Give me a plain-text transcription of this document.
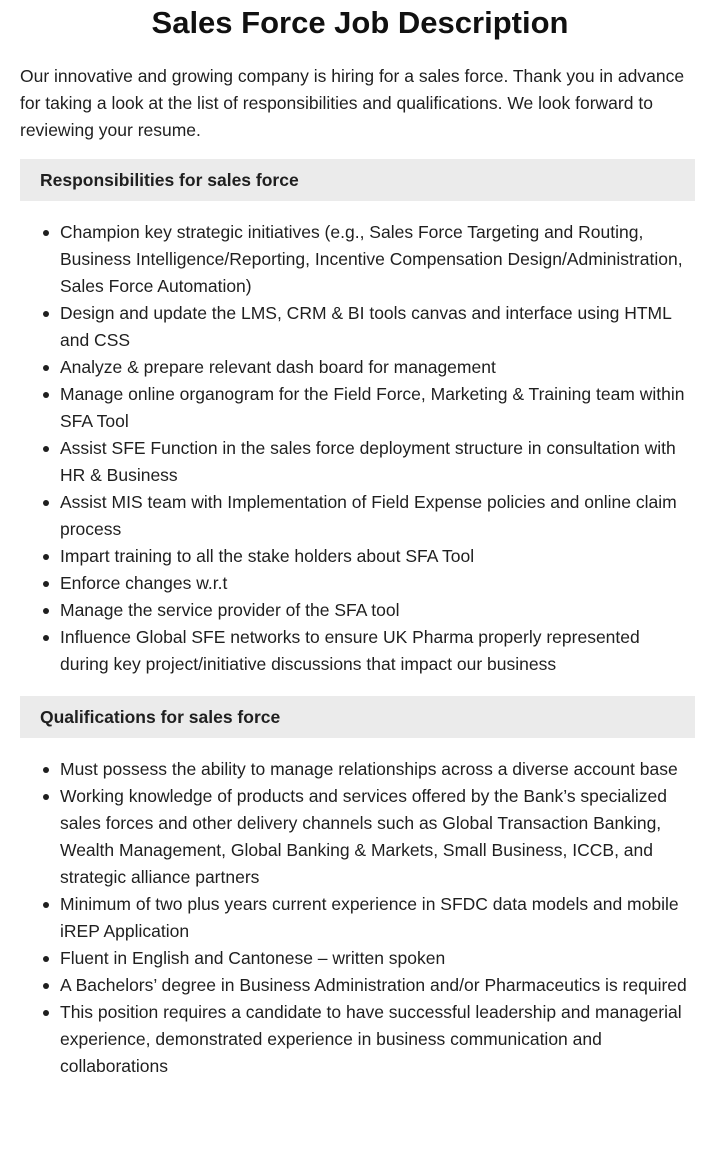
Sales Force Job Description

Our innovative and growing company is hiring for a sales force. Thank you in advance for taking a look at the list of responsibilities and qualifications. We look forward to reviewing your resume.

Responsibilities for sales force
Champion key strategic initiatives (e.g., Sales Force Targeting and Routing, Business Intelligence/Reporting, Incentive Compensation Design/Administration, Sales Force Automation)
Design and update the LMS, CRM & BI tools canvas and interface using HTML and CSS
Analyze & prepare relevant dash board for management
Manage online organogram for the Field Force, Marketing & Training team within SFA Tool
Assist SFE Function in the sales force deployment structure in consultation with HR & Business
Assist MIS team with Implementation of Field Expense policies and online claim process
Impart training to all the stake holders about SFA Tool
Enforce changes w.r.t
Manage the service provider of the SFA tool
Influence Global SFE networks to ensure UK Pharma properly represented during key project/initiative discussions that impact our business
Qualifications for sales force
Must possess the ability to manage relationships across a diverse account base
Working knowledge of products and services offered by the Bank’s specialized sales forces and other delivery channels such as Global Transaction Banking, Wealth Management, Global Banking & Markets, Small Business, ICCB, and strategic alliance partners
Minimum of two plus years current experience in SFDC data models and mobile iREP Application
Fluent in English and Cantonese – written spoken
A Bachelors’ degree in Business Administration and/or Pharmaceutics is required
This position requires a candidate to have successful leadership and managerial experience, demonstrated experience in business communication and collaborations
